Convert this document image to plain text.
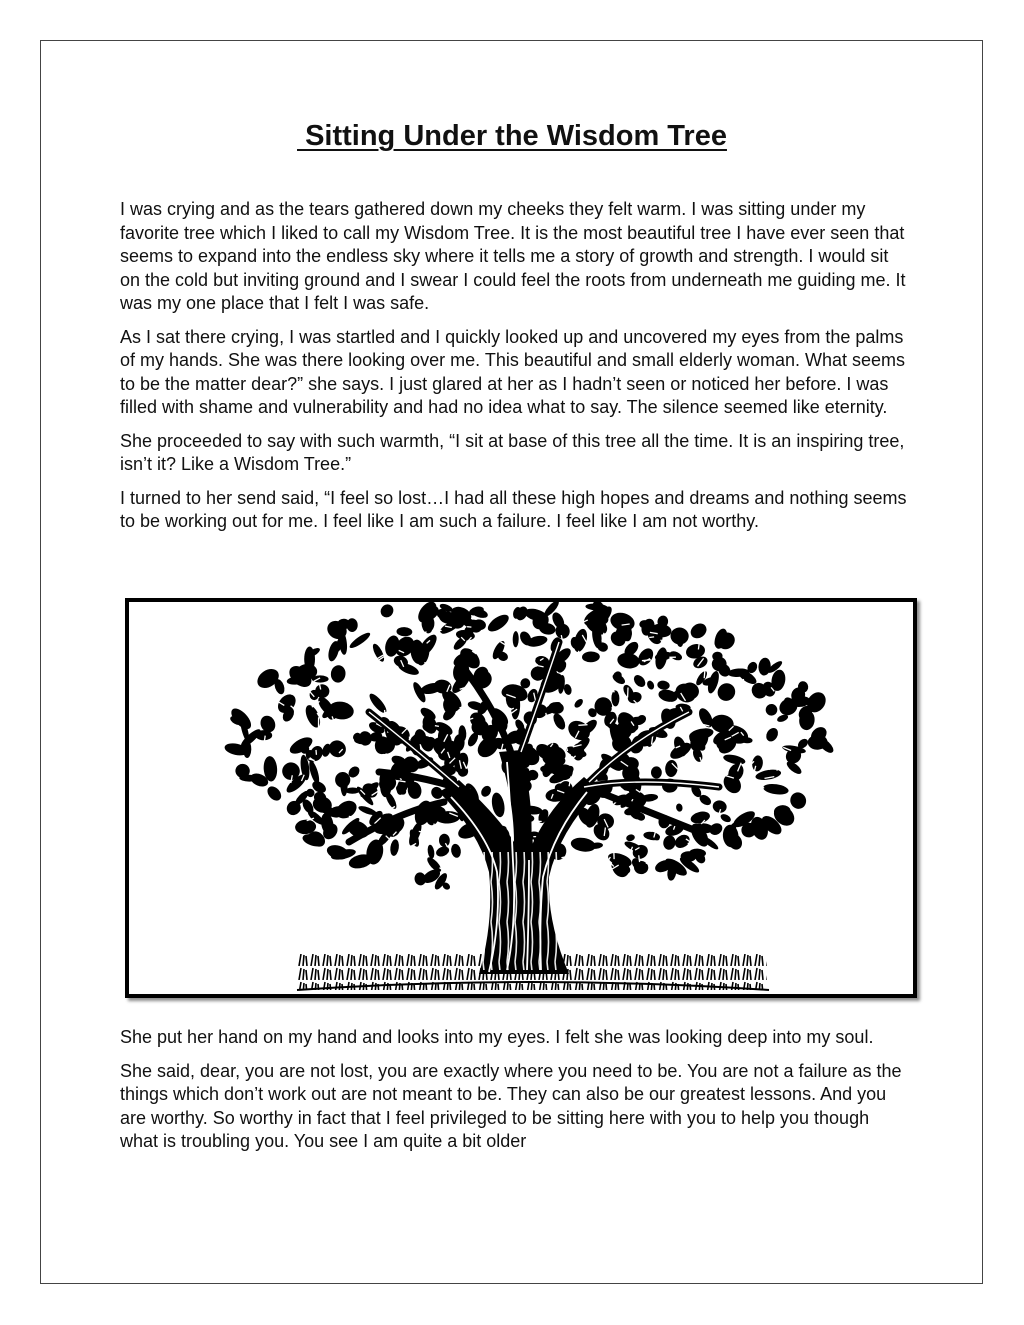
Sitting Under the Wisdom Tree

I was crying and as the tears gathered down my cheeks they felt warm. I was sitting under my favorite tree which I liked to call my Wisdom Tree. It is the most beautiful tree I have ever seen that seems to expand into the endless sky where it tells me a story of growth and strength. I would sit on the cold but inviting ground and I swear I could feel the roots from underneath me guiding me. It was my one place that I felt I was safe.

As I sat there crying, I was startled and I quickly looked up and uncovered my eyes from the palms of my hands. She was there looking over me. This beautiful and small elderly woman. What seems to be the matter dear?” she says. I just glared at her as I hadn’t seen or noticed her before. I was filled with shame and vulnerability and had no idea what to say. The silence seemed like eternity.

She proceeded to say with such warmth, “I sit at base of this tree all the time. It is an inspiring tree, isn’t it? Like a Wisdom Tree.”

I turned to her send said, “I feel so lost…I had all these high hopes and dreams and nothing seems to be working out for me. I feel like I am such a failure. I feel like I am not worthy.

She put her hand on my hand and looks into my eyes. I felt she was looking deep into my soul.

She said, dear, you are not lost, you are exactly where you need to be. You are not a failure as the things which don’t work out are not meant to be. They can also be our greatest lessons. And you are worthy. So worthy in fact that I feel privileged to be sitting here with you to help you though what is troubling you. You see I am quite a bit older
